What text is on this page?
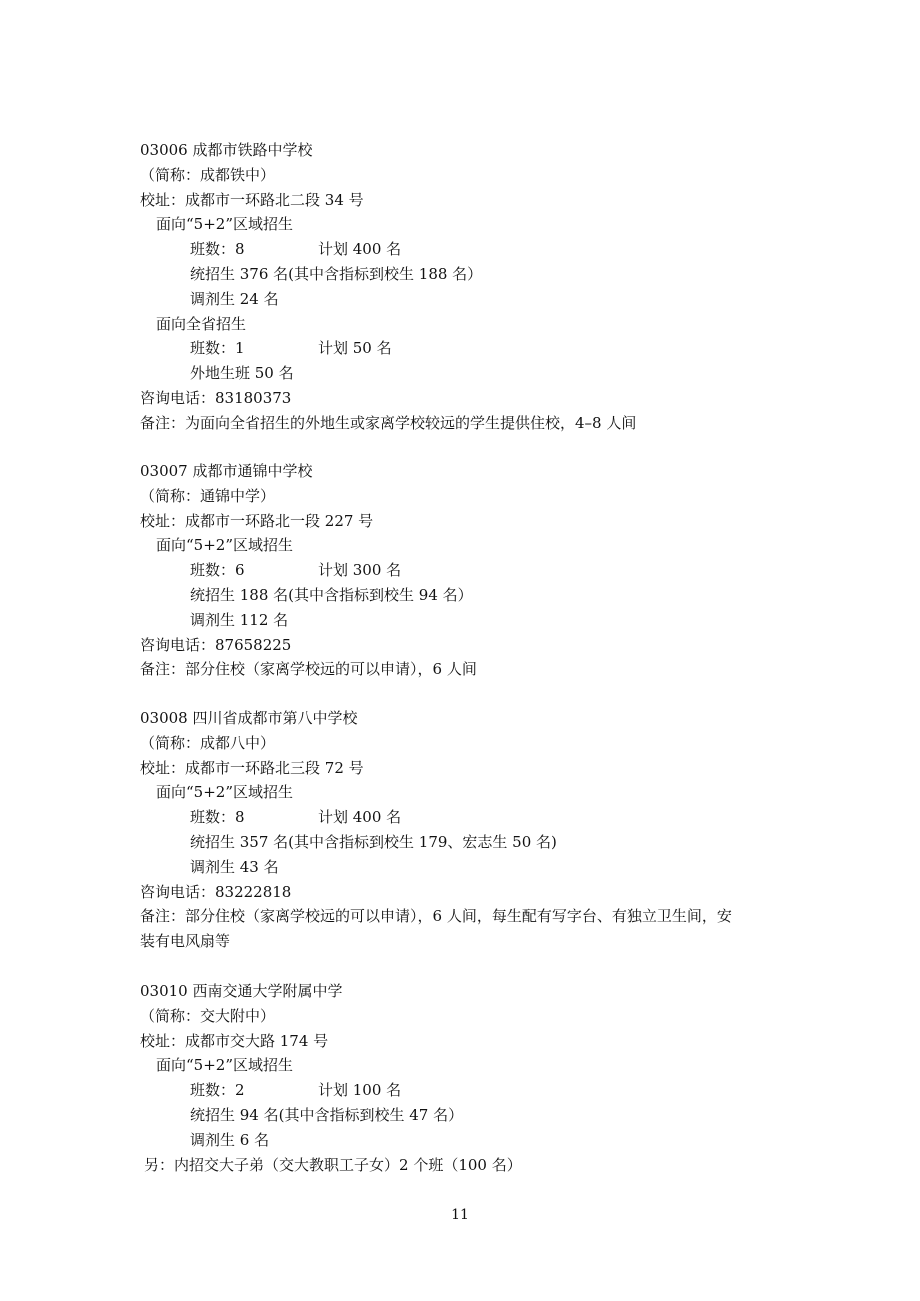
03006 成都市铁路中学校
（简称：成都铁中）
校址：成都市一环路北二段 34 号
面向“5+2”区域招生
班数：8	计划 400 名
统招生 376 名(其中含指标到校生 188 名）
调剂生 24 名
面向全省招生
班数：1	计划 50 名
外地生班 50 名
咨询电话：83180373
备注：为面向全省招生的外地生或家离学校较远的学生提供住校，4–8 人间
03007 成都市通锦中学校
（简称：通锦中学）
校址：成都市一环路北一段 227 号
面向“5+2”区域招生
班数：6	计划 300 名
统招生 188 名(其中含指标到校生 94 名）
调剂生 112 名
咨询电话：87658225
备注：部分住校（家离学校远的可以申请），6 人间
03008 四川省成都市第八中学校
（简称：成都八中）
校址：成都市一环路北三段 72 号
面向“5+2”区域招生
班数：8	计划 400 名
统招生 357 名(其中含指标到校生 179、宏志生 50 名)
调剂生 43 名
咨询电话：83222818
备注：部分住校（家离学校远的可以申请），6 人间，每生配有写字台、有独立卫生间，安
装有电风扇等
03010 西南交通大学附属中学
（简称：交大附中）
校址：成都市交大路 174 号
面向“5+2”区域招生
班数：2	计划 100 名
统招生 94 名(其中含指标到校生 47 名）
调剂生 6 名
另：内招交大子弟（交大教职工子女）2 个班（100 名）
11
